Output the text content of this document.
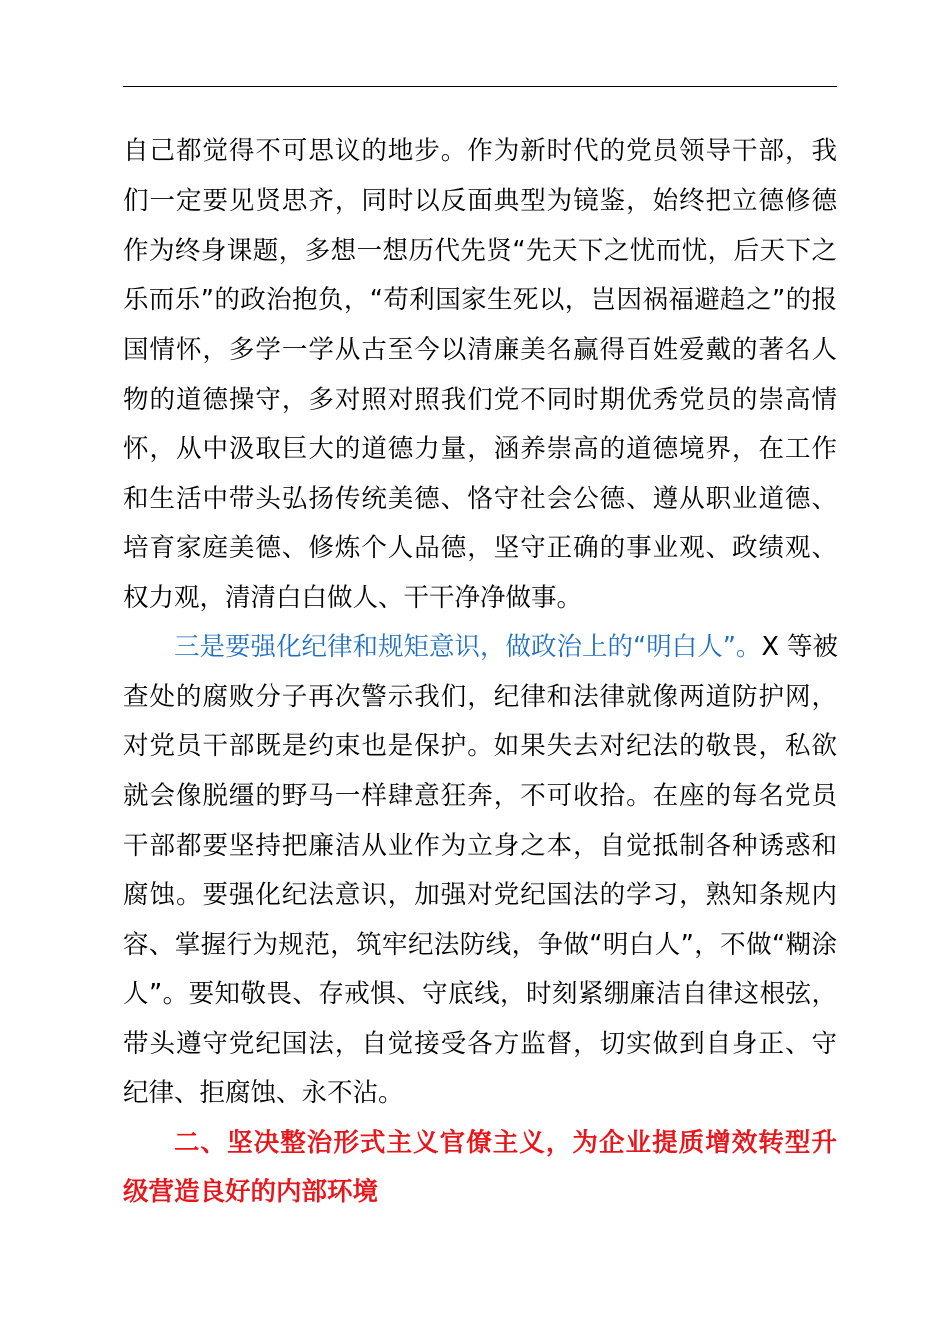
自己都觉得不可思议的地步。作为新时代的党员领导干部，我
们一定要见贤思齐，同时以反面典型为镜鉴，始终把立德修德
作为终身课题，多想一想历代先贤“先天下之忧而忧，后天下之
乐而乐”的政治抱负，“苟利国家生死以，岂因祸福避趋之”的报
国情怀，多学一学从古至今以清廉美名赢得百姓爱戴的著名人
物的道德操守，多对照对照我们党不同时期优秀党员的崇高情
怀，从中汲取巨大的道德力量，涵养崇高的道德境界，在工作
和生活中带头弘扬传统美德、恪守社会公德、遵从职业道德、
培育家庭美德、修炼个人品德，坚守正确的事业观、政绩观、
权力观，清清白白做人、干干净净做事。
三是要强化纪律和规矩意识，做政治上的“明白人”。X 等被
查处的腐败分子再次警示我们，纪律和法律就像两道防护网，
对党员干部既是约束也是保护。如果失去对纪法的敬畏，私欲
就会像脱缰的野马一样肆意狂奔，不可收拾。在座的每名党员
干部都要坚持把廉洁从业作为立身之本，自觉抵制各种诱惑和
腐蚀。要强化纪法意识，加强对党纪国法的学习，熟知条规内
容、掌握行为规范，筑牢纪法防线，争做“明白人”，不做“糊涂
人”。要知敬畏、存戒惧、守底线，时刻紧绷廉洁自律这根弦，
带头遵守党纪国法，自觉接受各方监督，切实做到自身正、守
纪律、拒腐蚀、永不沾。
二、坚决整治形式主义官僚主义，为企业提质增效转型升
级营造良好的内部环境
